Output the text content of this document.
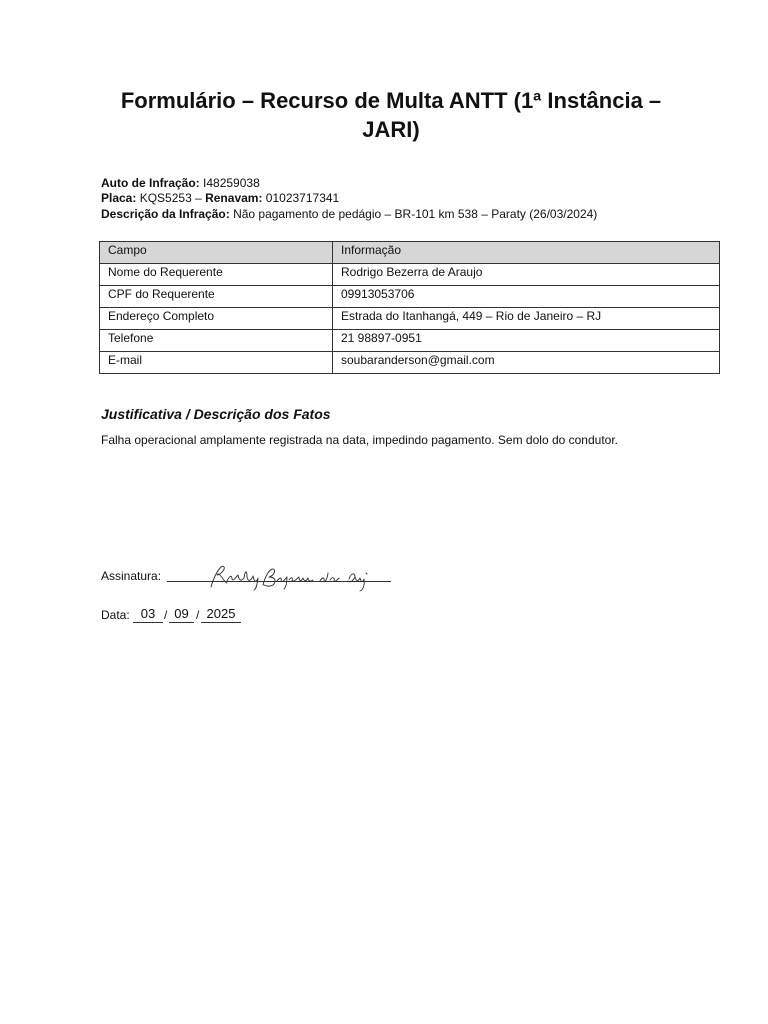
Formulário – Recurso de Multa ANTT (1ª Instância – JARI)
Auto de Infração: I48259038
Placa: KQS5253 – Renavam: 01023717341
Descrição da Infração: Não pagamento de pedágio – BR-101 km 538 – Paraty (26/03/2024)
Campo	Informação
Nome do Requerente	Rodrigo Bezerra de Araujo
CPF do Requerente	09913053706
Endereço Completo	Estrada do Itanhangá, 449 – Rio de Janeiro – RJ
Telefone	21 98897-0951
E-mail	soubaranderson@gmail.com
Justificativa / Descrição dos Fatos
Falha operacional amplamente registrada na data, impedindo pagamento. Sem dolo do condutor.
Assinatura:
Data: 03 / 09 / 2025
